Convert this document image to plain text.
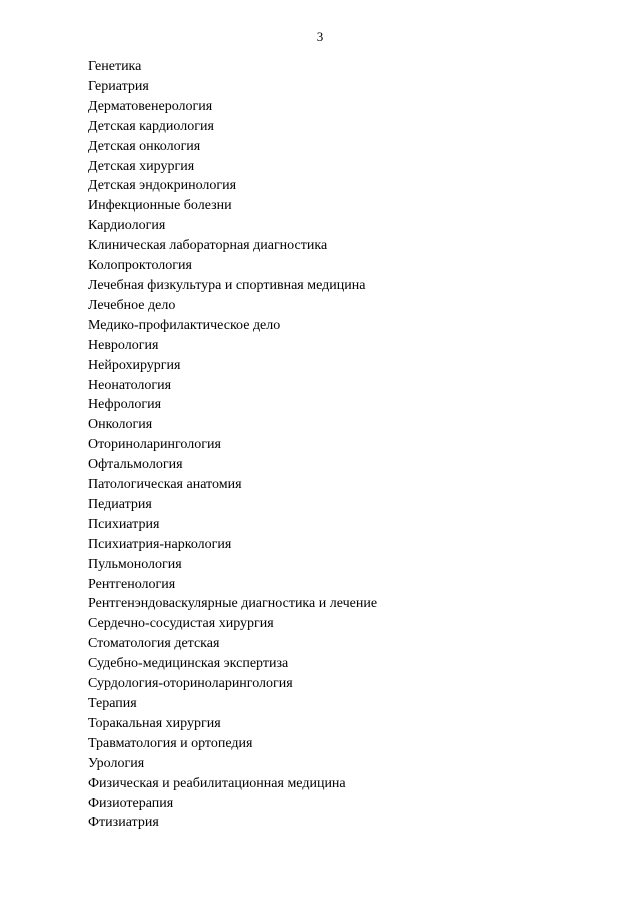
3
Генетика
Гериатрия
Дерматовенерология
Детская кардиология
Детская онкология
Детская хирургия
Детская эндокринология
Инфекционные болезни
Кардиология
Клиническая лабораторная диагностика
Колопроктология
Лечебная физкультура и спортивная медицина
Лечебное дело
Медико-профилактическое дело
Неврология
Нейрохирургия
Неонатология
Нефрология
Онкология
Оториноларингология
Офтальмология
Патологическая анатомия
Педиатрия
Психиатрия
Психиатрия-наркология
Пульмонология
Рентгенология
Рентгенэндоваскулярные диагностика и лечение
Сердечно-сосудистая хирургия
Стоматология детская
Судебно-медицинская экспертиза
Сурдология-оториноларингология
Терапия
Торакальная хирургия
Травматология и ортопедия
Урология
Физическая и реабилитационная медицина
Физиотерапия
Фтизиатрия
